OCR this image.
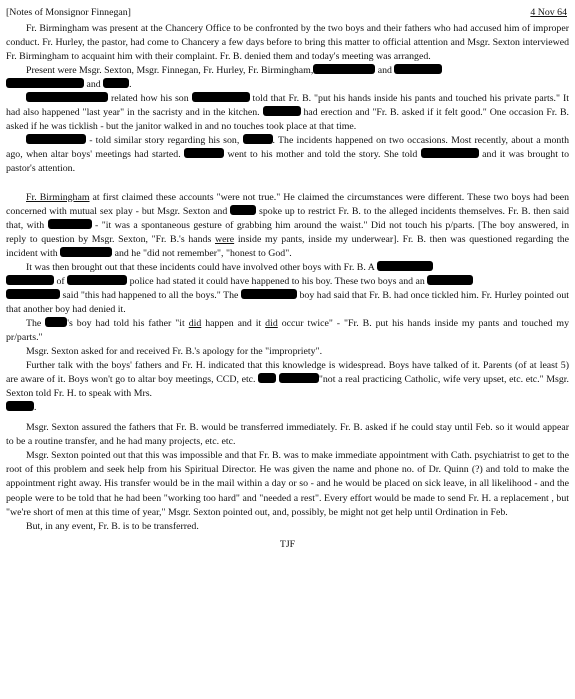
[Notes of Monsignor Finnegan]	4 Nov 64

Fr. Birmingham was present at the Chancery Office to be confronted by the two boys and their fathers who had accused him of improper conduct. Fr. Hurley, the pastor, had come to Chancery a few days before to bring this matter to official attention and Msgr. Sexton interviewed Fr. Birmingham to acquaint him with their complaint. Fr. B. denied them and today's meeting was arranged.

Present were Msgr. Sexton, Msgr. Finnegan, Fr. Hurley, Fr. Birmingham,	and
and	.

related how his son	told that Fr. B. "put his hands inside his pants and touched his private parts." It had also happened "last year" in the sacristy and in the kitchen.	had erection and "Fr. B. asked if it felt good." One occasion Fr. B. asked if he was ticklish - but the janitor walked in and no touches took place at that time.

- told similar story regarding his son,	. The incidents happened on two occasions. Most recently, about a month ago, when altar boys' meetings had started.	went to his mother and told the story. She told	and it was brought to pastor's attention.

Fr. Birmingham at first claimed these accounts "were not true." He claimed the circumstances were different. These two boys had been concerned with mutual sex play - but Msgr. Sexton and	spoke up to restrict Fr. B. to the alleged incidents themselves. Fr. B. then said that, with	- "it was a spontaneous gesture of grabbing him around the waist." Did not touch his p/parts. [The boy answered, in reply to question by Msgr. Sexton, "Fr. B.'s hands were inside my pants, inside my underwear]. Fr. B. then was questioned regarding the incident with	and he "did not remember", "honest to God".

It was then brought out that these incidents could have involved other boys with Fr. B. A
of	police had stated it could have happened to his boy. These two boys and an
said "this had happened to all the boys." The	boy had said that Fr. B. had once tickled him. Fr. Hurley pointed out that another boy had denied it.

The	's boy had told his father "it did happen and it did occur twice" - "Fr. B. put his hands inside my pants and touched my pr/parts."

Msgr. Sexton asked for and received Fr. B.'s apology for the "impropriety".

Further talk with the boys' fathers and Fr. H. indicated that this knowledge is widespread. Boys have talked of it. Parents (of at least 5) are aware of it. Boys won't go to altar boy meetings, CCD, etc.	"not a real practicing Catholic, wife very upset, etc. etc." Msgr. Sexton told Fr. H. to speak with Mrs.
.

Msgr. Sexton assured the fathers that Fr. B. would be transferred immediately. Fr. B. asked if he could stay until Feb. so it would appear to be a routine transfer, and he had many projects, etc. etc.

Msgr. Sexton pointed out that this was impossible and that Fr. B. was to make immediate appointment with Cath. psychiatrist to get to the root of this problem and seek help from his Spiritual Director. He was given the name and phone no. of Dr. Quinn (?) and told to make the appointment right away. His transfer would be in the mail within a day or so - and he would be placed on sick leave, in all likelihood - and the people were to be told that he had been "working too hard" and "needed a rest". Every effort would be made to send Fr. H. a replacement , but "we're short of men at this time of year," Msgr. Sexton pointed out, and, possibly, be might not get help until Ordination in Feb.

But, in any event, Fr. B. is to be transferred.

TJF
